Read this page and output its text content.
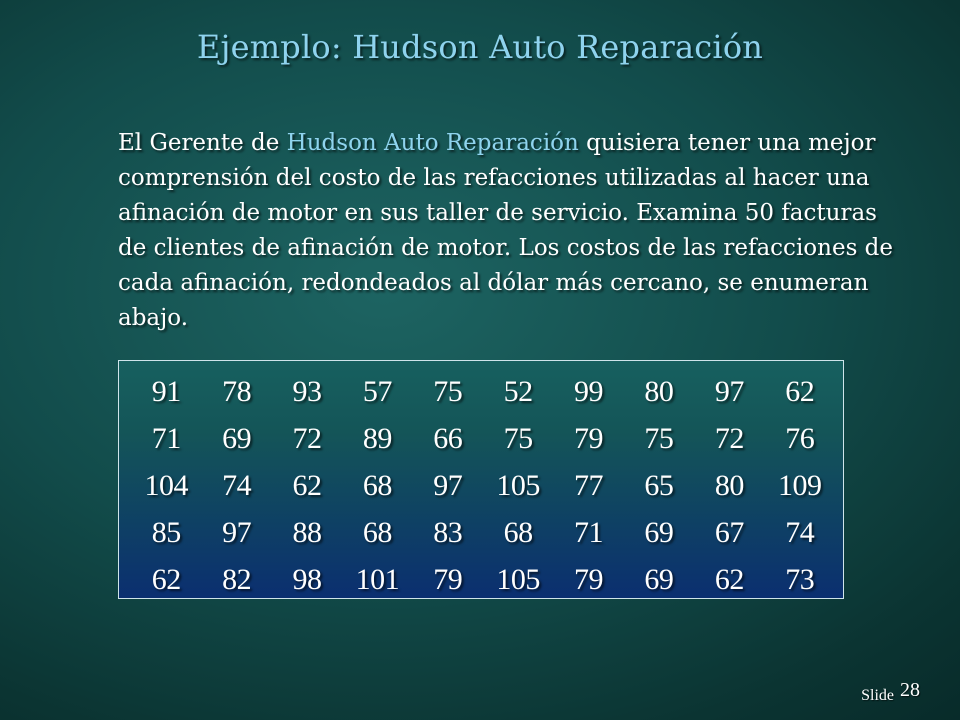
Ejemplo: Hudson Auto Reparación

El Gerente de Hudson Auto Reparación quisiera tener una mejor comprensión del costo de las refacciones utilizadas al hacer una afinación de motor en sus taller de servicio. Examina 50 facturas de clientes de afinación de motor. Los costos de las refacciones de cada afinación, redondeados al dólar más cercano, se enumeran abajo.

91	78	93	57	75	52	99	80	97	62
71	69	72	89	66	75	79	75	72	76
104	74	62	68	97	105	77	65	80	109
85	97	88	68	83	68	71	69	67	74
62	82	98	101	79	105	79	69	62	73
Slide 28
